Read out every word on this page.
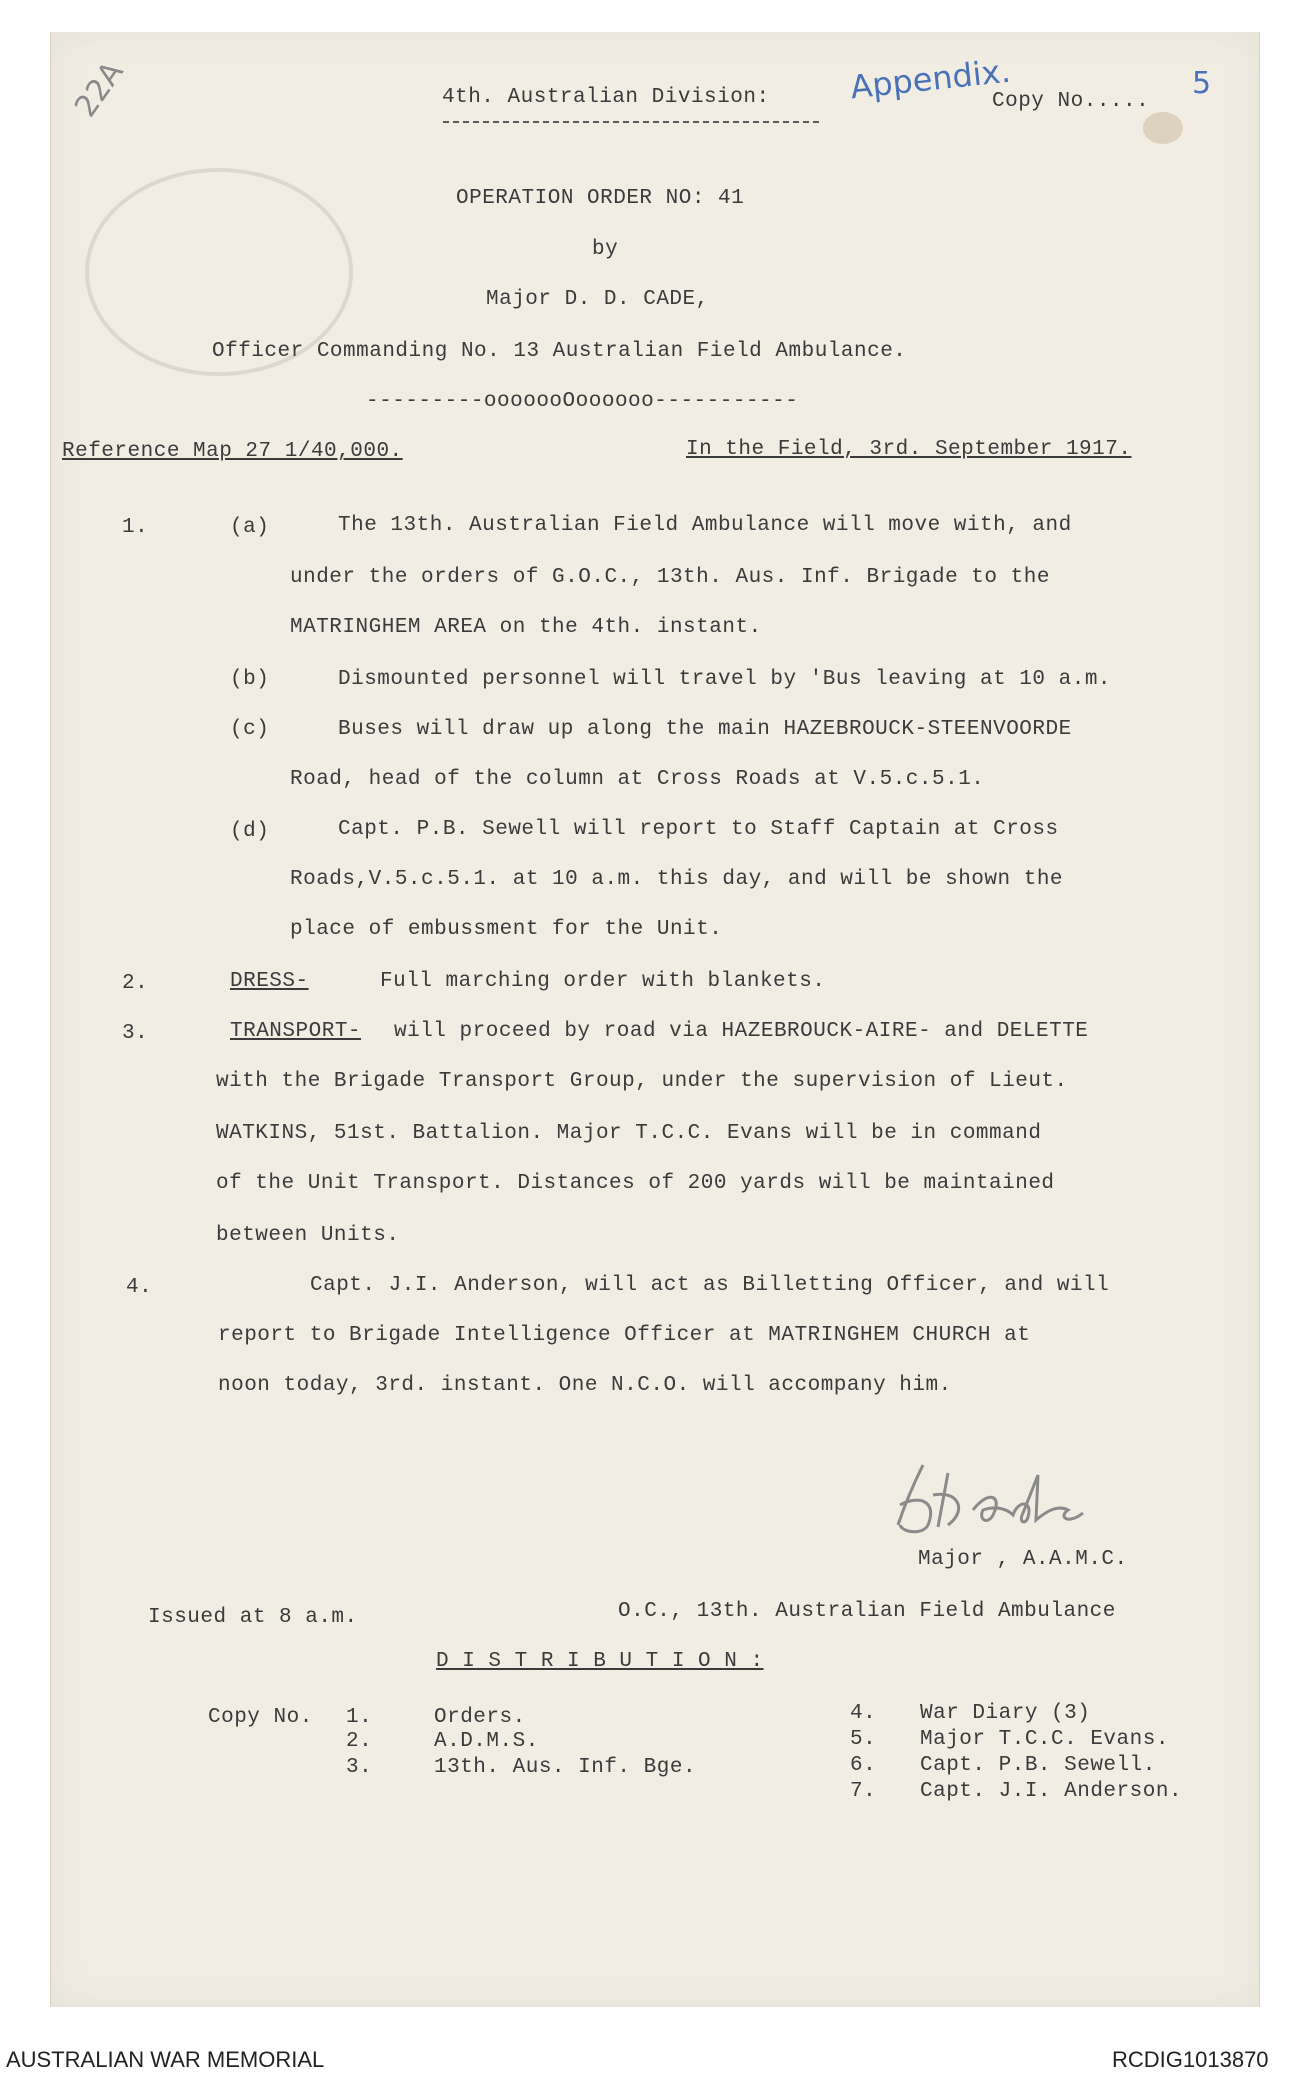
22A	4th. Australian Division: Appendix.	5
Copy No.....
OPERATION ORDER NO: 41
by
Major D. D. CADE,
Officer Commanding No. 13 Australian Field Ambulance.
---------ooooooOoooooo-----------
Reference Map 27 1/40,000.	In the Field, 3rd. September 1917.
1.	(a)	The 13th. Australian Field Ambulance will move with, and
under the orders of G.O.C., 13th. Aus. Inf. Brigade to the
MATRINGHEM AREA on the 4th. instant.
(b)	Dismounted personnel will travel by 'Bus leaving at 10 a.m.
(c)	Buses will draw up along the main HAZEBROUCK-STEENVOORDE
Road, head of the column at Cross Roads at V.5.c.5.1.
(d)	Capt. P.B. Sewell will report to Staff Captain at Cross
Roads,V.5.c.5.1. at 10 a.m. this day, and will be shown the
place of embussment for the Unit.
2.	DRESS-	Full marching order with blankets.
3.	TRANSPORT- will proceed by road via HAZEBROUCK-AIRE- and DELETTE
with the Brigade Transport Group, under the supervision of Lieut.
WATKINS, 51st. Battalion. Major T.C.C. Evans will be in command
of the Unit Transport. Distances of 200 yards will be maintained
between Units.
4.	Capt. J.I. Anderson, will act as Billetting Officer, and will
report to Brigade Intelligence Officer at MATRINGHEM CHURCH at
noon today, 3rd. instant. One N.C.O. will accompany him.
Major , A.A.M.C.
Issued at 8 a.m.	O.C., 13th. Australian Field Ambulance
D I S T R I B U T I O N :
Copy No. 1.	Orders.
2.	A.D.M.S.
3.	13th. Aus. Inf. Bge.
4. War Diary (3)
5. Major T.C.C. Evans.
6. Capt. P.B. Sewell.
7. Capt. J.I. Anderson.
AUSTRALIAN WAR MEMORIAL	RCDIG1013870
